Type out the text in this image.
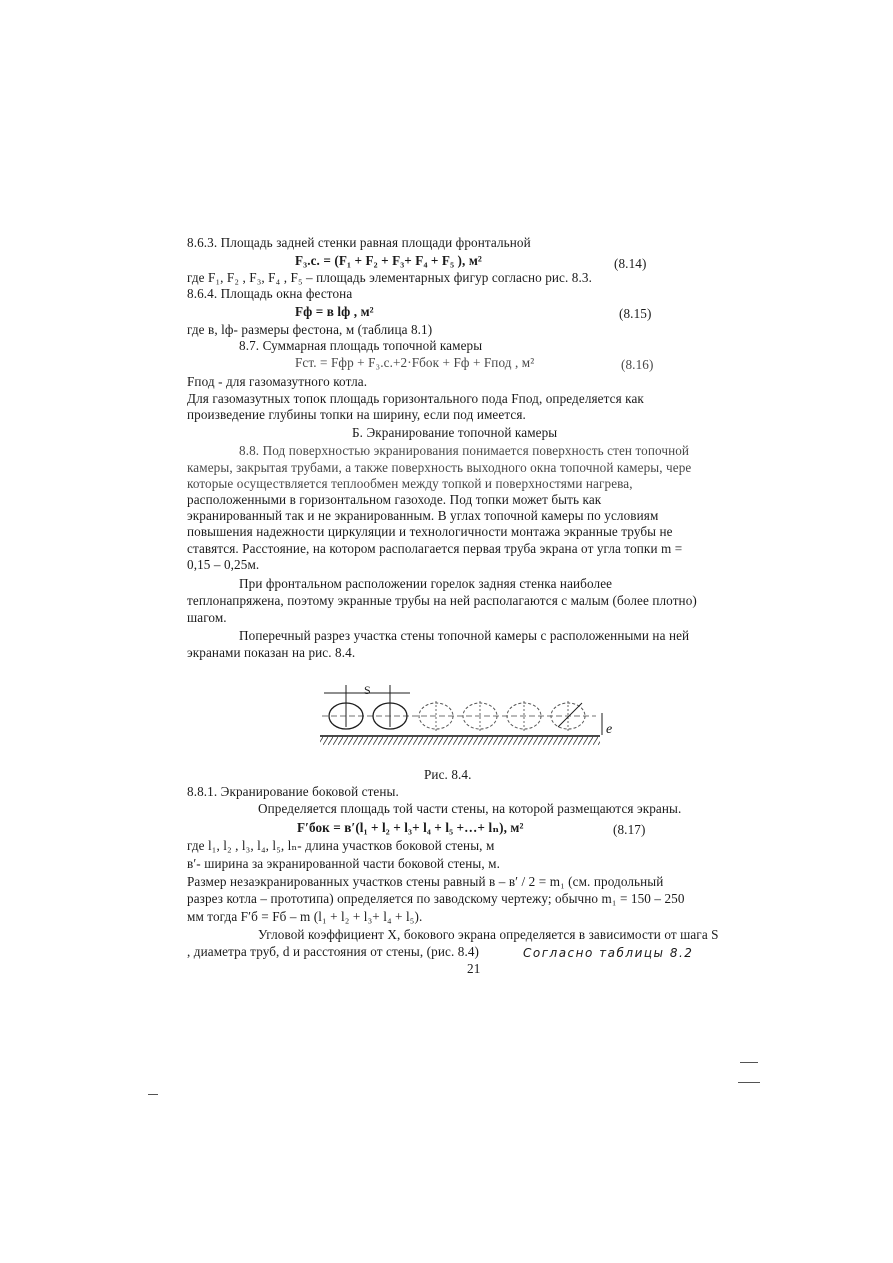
8.6.3. Площадь задней стенки равная площади фронтальной
F₃.с. = (F₁ + F₂ + F₃+ F₄ + F₅ ), м²	(8.14)
где F₁, F₂ , F₃, F₄ , F₅ – площадь элементарных фигур согласно рис. 8.3.
8.6.4. Площадь окна фестона
Fф = в lф , м²	(8.15)
где в, lф- размеры фестона, м (таблица 8.1)
8.7. Суммарная площадь топочной камеры
Fст. = Fфр + F₃.с.+2·Fбок + Fф + Fпод , м²	(8.16)
Fпод - для газомазутного котла.
Для газомазутных топок площадь горизонтального пода Fпод, определяется как
произведение глубины топки на ширину, если под имеется.
Б. Экранирование топочной камеры
8.8. Под поверхностью экранирования понимается поверхность стен топочной
камеры, закрытая трубами, а также поверхность выходного окна топочной камеры, чере
которые осуществляется теплообмен между топкой и поверхностями нагрева,
расположенными в горизонтальном газоходе. Под топки может быть как
экранированный так и не экранированным. В углах топочной камеры по условиям
повышения надежности циркуляции и технологичности монтажа экранные трубы не
ставятся. Расстояние, на котором располагается первая труба экрана от угла топки m =
0,15 – 0,25м.
При фронтальном расположении горелок задняя стенка наиболее
теплонапряжена, поэтому экранные трубы на ней располагаются с малым (более плотно)
шагом.
Поперечный разрез участка стены топочной камеры с расположенными на ней
экранами показан на рис. 8.4.
S
е
Рис. 8.4.
8.8.1. Экранирование боковой стены.
Определяется площадь той части стены, на которой размещаются экраны.
F′бок = в′(l₁ + l₂ + l₃+ l₄ + l₅ +…+ lₙ), м²	(8.17)
где l₁, l₂ , l₃, l₄, l₅, lₙ- длина участков боковой стены, м
в′- ширина за экранированной части боковой стены, м.
Размер незаэкранированных участков стены равный в – в′ / 2 = m₁ (см. продольный
разрез котла – прототипа) определяется по заводскому чертежу; обычно m₁ = 150 – 250
мм тогда F′б = Fб – m (l₁ + l₂ + l₃+ l₄ + l₅).
Угловой коэффициент X, бокового экрана определяется в зависимости от шага S
, диаметра труб, d и расстояния от стены, (рис. 8.4)	Согласно таблицы 8.2
21
